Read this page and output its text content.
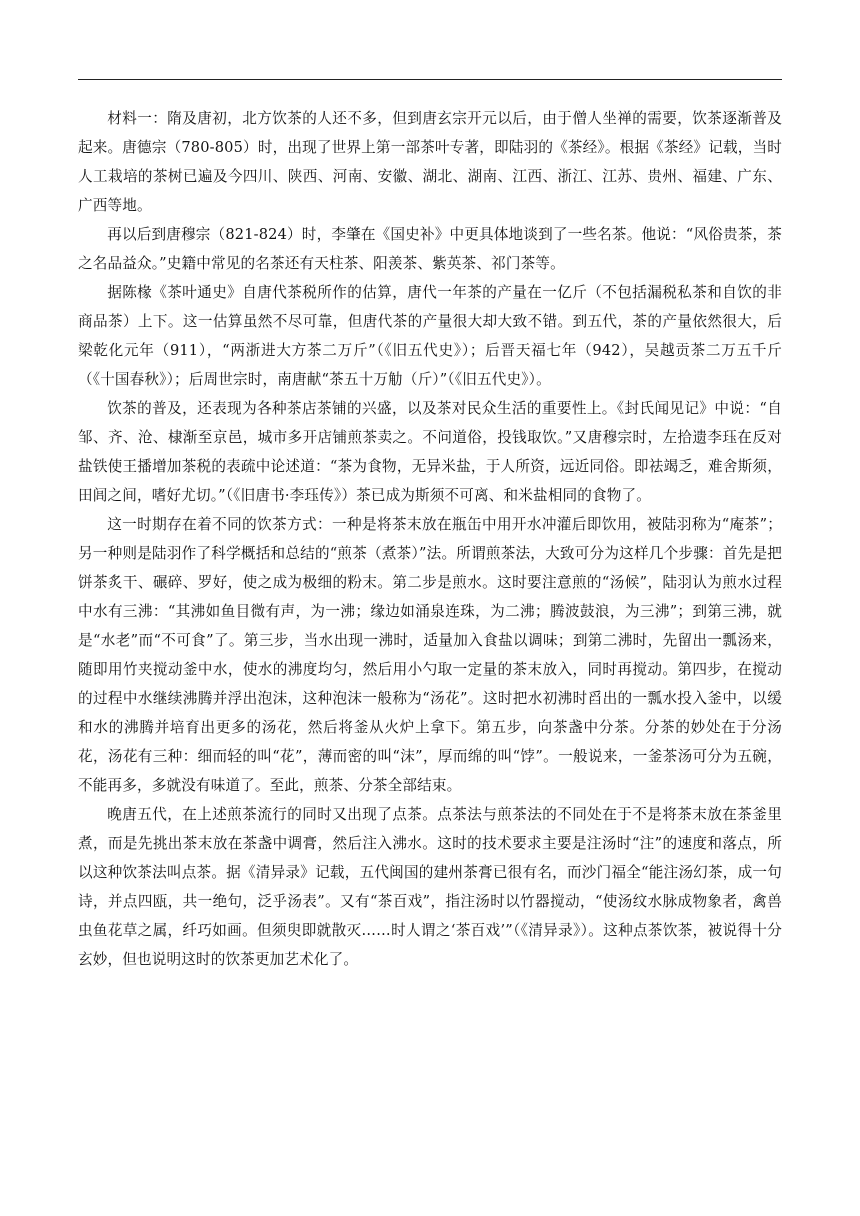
材料一：隋及唐初，北方饮茶的人还不多，但到唐玄宗开元以后，由于僧人坐禅的需要，饮茶逐渐普及起来。唐德宗（780-805）时，出现了世界上第一部茶叶专著，即陆羽的《茶经》。根据《茶经》记载，当时人工栽培的茶树已遍及今四川、陕西、河南、安徽、湖北、湖南、江西、浙江、江苏、贵州、福建、广东、广西等地。

再以后到唐穆宗（821-824）时，李肇在《国史补》中更具体地谈到了一些名茶。他说：“风俗贵茶，茶之名品益众。”史籍中常见的名茶还有天柱茶、阳羡茶、紫英茶、祁门茶等。

据陈椽《茶叶通史》自唐代茶税所作的估算，唐代一年茶的产量在一亿斤（不包括漏税私茶和自饮的非商品茶）上下。这一估算虽然不尽可靠，但唐代茶的产量很大却大致不错。到五代，茶的产量依然很大，后梁乾化元年（911），“两浙进大方茶二万斤”（《旧五代史》）；后晋天福七年（942），吴越贡茶二万五千斤（《十国春秋》）；后周世宗时，南唐献“茶五十万觔（斤）”（《旧五代史》）。

饮茶的普及，还表现为各种茶店茶铺的兴盛，以及茶对民众生活的重要性上。《封氏闻见记》中说：“自邹、齐、沧、棣渐至京邑，城市多开店铺煎茶卖之。不问道俗，投钱取饮。”又唐穆宗时，左拾遗李珏在反对盐铁使王播增加茶税的表疏中论述道：“茶为食物，无异米盐，于人所资，远近同俗。即祛竭乏，难舍斯须，田闾之间，嗜好尤切。”（《旧唐书·李珏传》）茶已成为斯须不可离、和米盐相同的食物了。

这一时期存在着不同的饮茶方式：一种是将茶末放在瓶缶中用开水冲灌后即饮用，被陆羽称为“庵茶”；另一种则是陆羽作了科学概括和总结的“煎茶（煮茶）”法。所谓煎茶法，大致可分为这样几个步骤：首先是把饼茶炙干、碾碎、罗好，使之成为极细的粉末。第二步是煎水。这时要注意煎的“汤候”，陆羽认为煎水过程中水有三沸：“其沸如鱼目微有声，为一沸；缘边如涌泉连珠，为二沸；腾波鼓浪，为三沸”；到第三沸，就是“水老”而“不可食”了。第三步，当水出现一沸时，适量加入食盐以调味；到第二沸时，先留出一瓢汤来，随即用竹夹搅动釜中水，使水的沸度均匀，然后用小勺取一定量的茶末放入，同时再搅动。第四步，在搅动的过程中水继续沸腾并浮出泡沫，这种泡沫一般称为“汤花”。这时把水初沸时舀出的一瓢水投入釜中，以缓和水的沸腾并培育出更多的汤花，然后将釜从火炉上拿下。第五步，向茶盏中分茶。分茶的妙处在于分汤花，汤花有三种：细而轻的叫“花”，薄而密的叫“沫”，厚而绵的叫“饽”。一般说来，一釜茶汤可分为五碗，不能再多，多就没有味道了。至此，煎茶、分茶全部结束。

晚唐五代，在上述煎茶流行的同时又出现了点茶。点茶法与煎茶法的不同处在于不是将茶末放在茶釜里煮，而是先挑出茶末放在茶盏中调膏，然后注入沸水。这时的技术要求主要是注汤时“注”的速度和落点，所以这种饮茶法叫点茶。据《清异录》记载，五代闽国的建州茶膏已很有名，而沙门福全“能注汤幻茶，成一句诗，并点四瓯，共一绝句，泛乎汤表”。又有“茶百戏”，指注汤时以竹器搅动，“使汤纹水脉成物象者，禽兽虫鱼花草之属，纤巧如画。但须臾即就散灭……时人谓之‘茶百戏’”（《清异录》）。这种点茶饮茶，被说得十分玄妙，但也说明这时的饮茶更加艺术化了。
